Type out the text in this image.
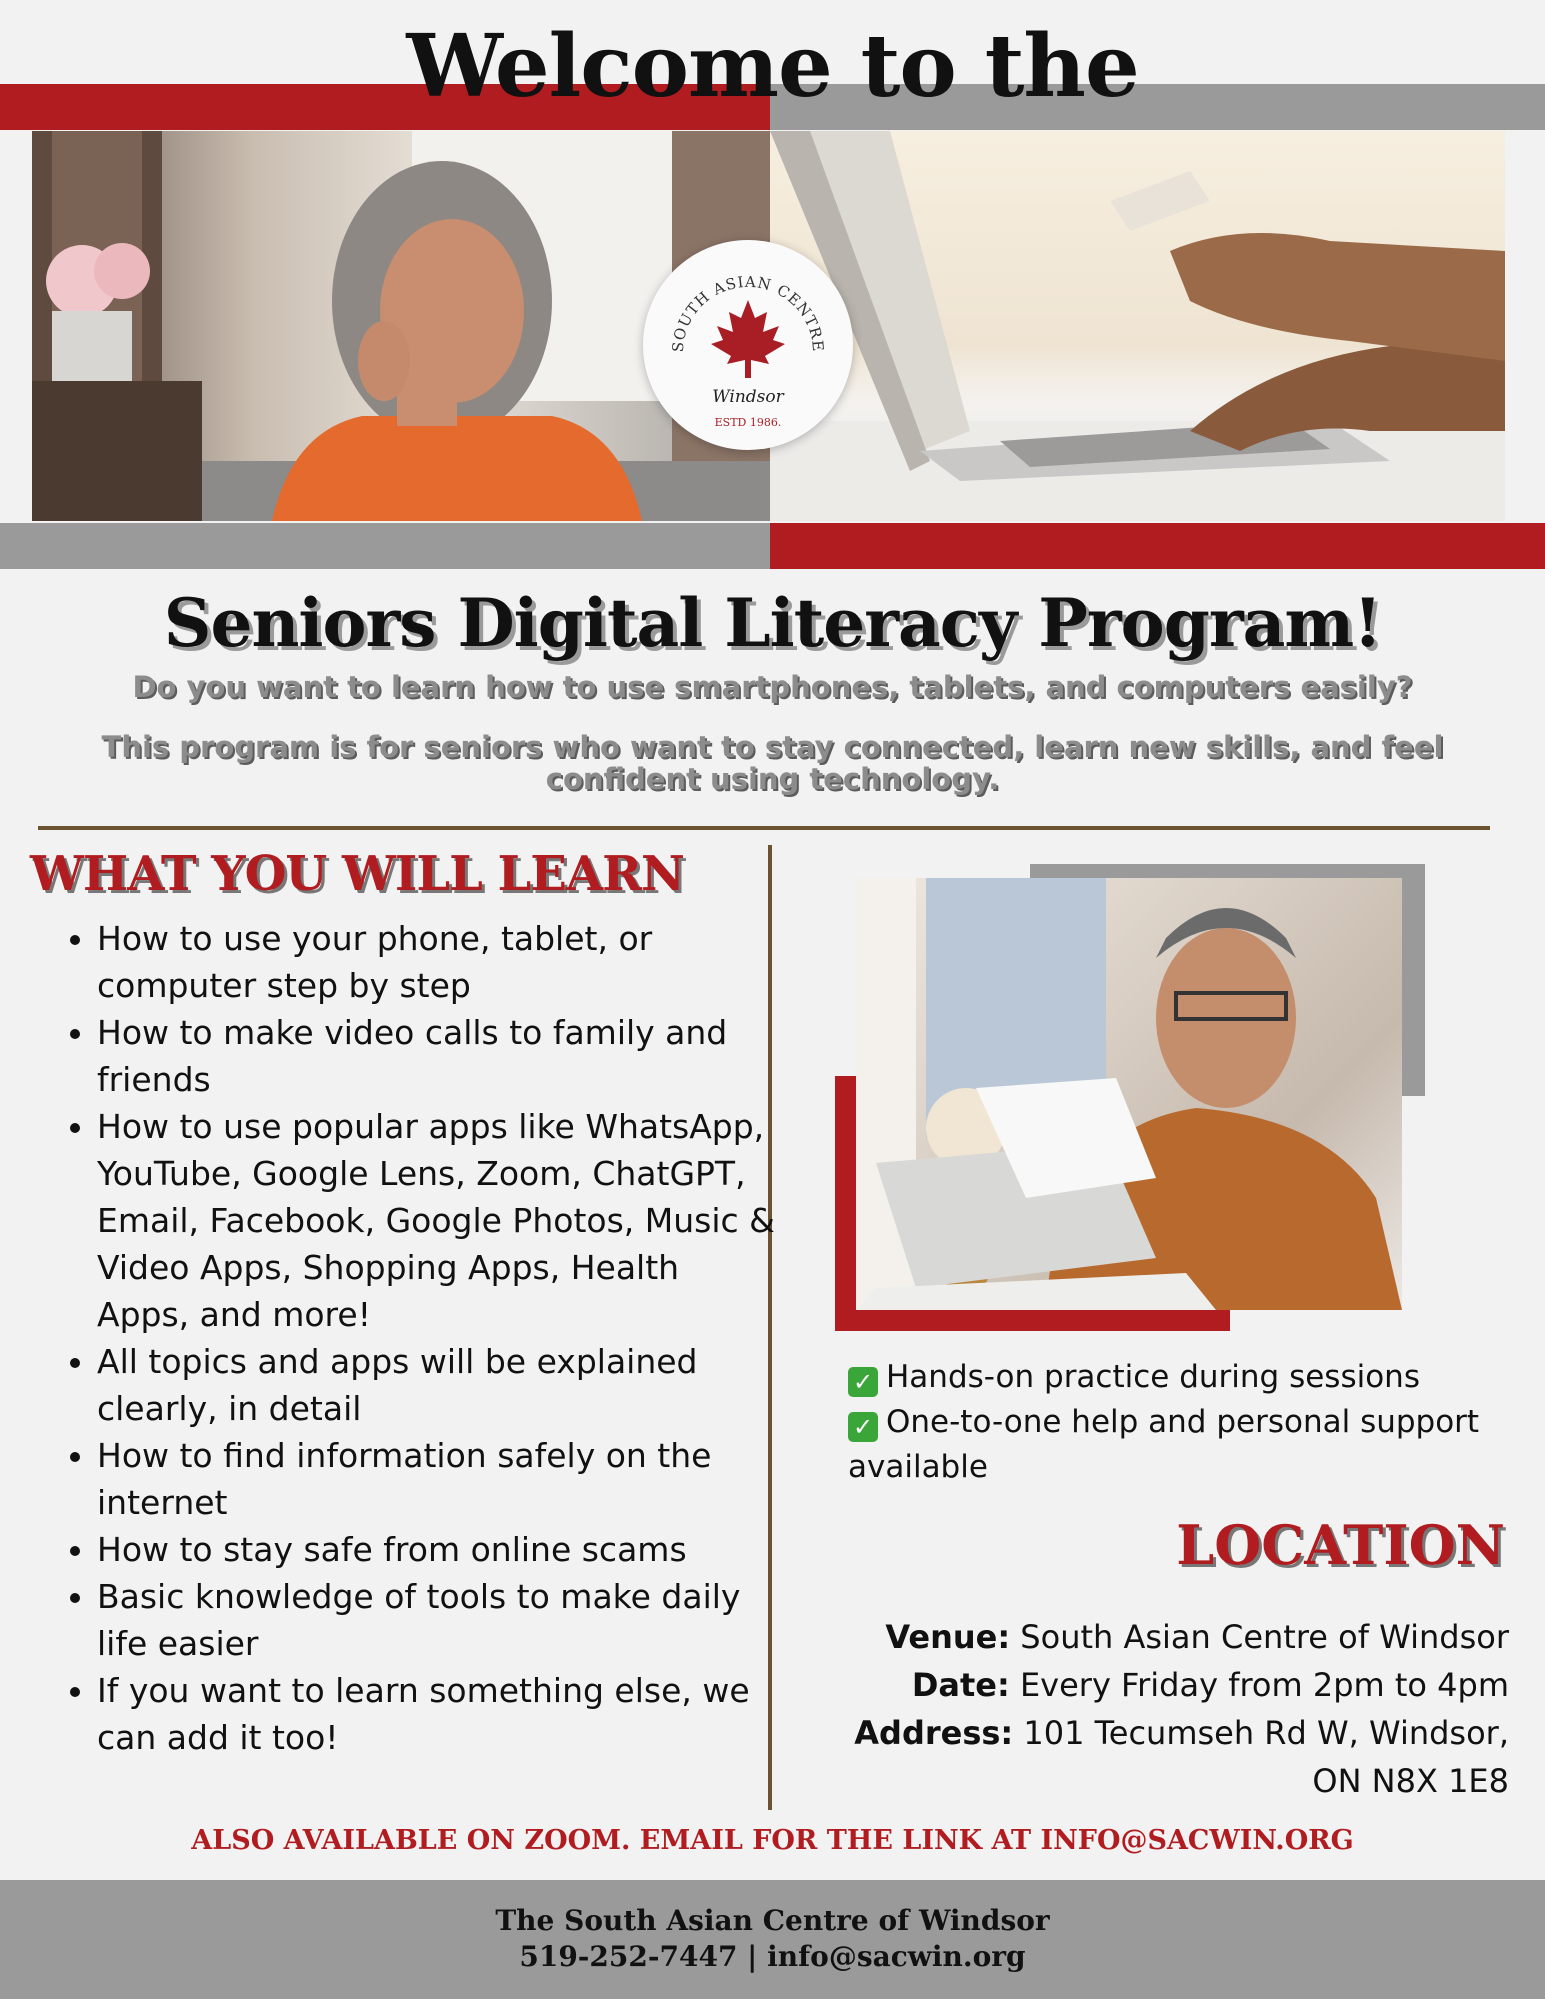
Welcome to the
SOUTH ASIAN CENTRE
Windsor
ESTD 1986.
Seniors Digital Literacy Program!
Do you want to learn how to use smartphones, tablets, and computers easily?
This program is for seniors who want to stay connected, learn new skills, and feel confident using technology.
WHAT YOU WILL LEARN
• How to use your phone, tablet, or computer step by step
• How to make video calls to family and friends
• How to use popular apps like WhatsApp, YouTube, Google Lens, Zoom, ChatGPT, Email, Facebook, Google Photos, Music & Video Apps, Shopping Apps, Health Apps, and more!
• All topics and apps will be explained clearly, in detail
• How to find information safely on the internet
• How to stay safe from online scams
• Basic knowledge of tools to make daily life easier
• If you want to learn something else, we can add it too!
✓ Hands-on practice during sessions
✓ One-to-one help and personal support available
LOCATION
Venue: South Asian Centre of Windsor
Date: Every Friday from 2pm to 4pm
Address: 101 Tecumseh Rd W, Windsor,
ON N8X 1E8
ALSO AVAILABLE ON ZOOM. EMAIL FOR THE LINK AT INFO@SACWIN.ORG
The South Asian Centre of Windsor
519-252-7447 | info@sacwin.org
